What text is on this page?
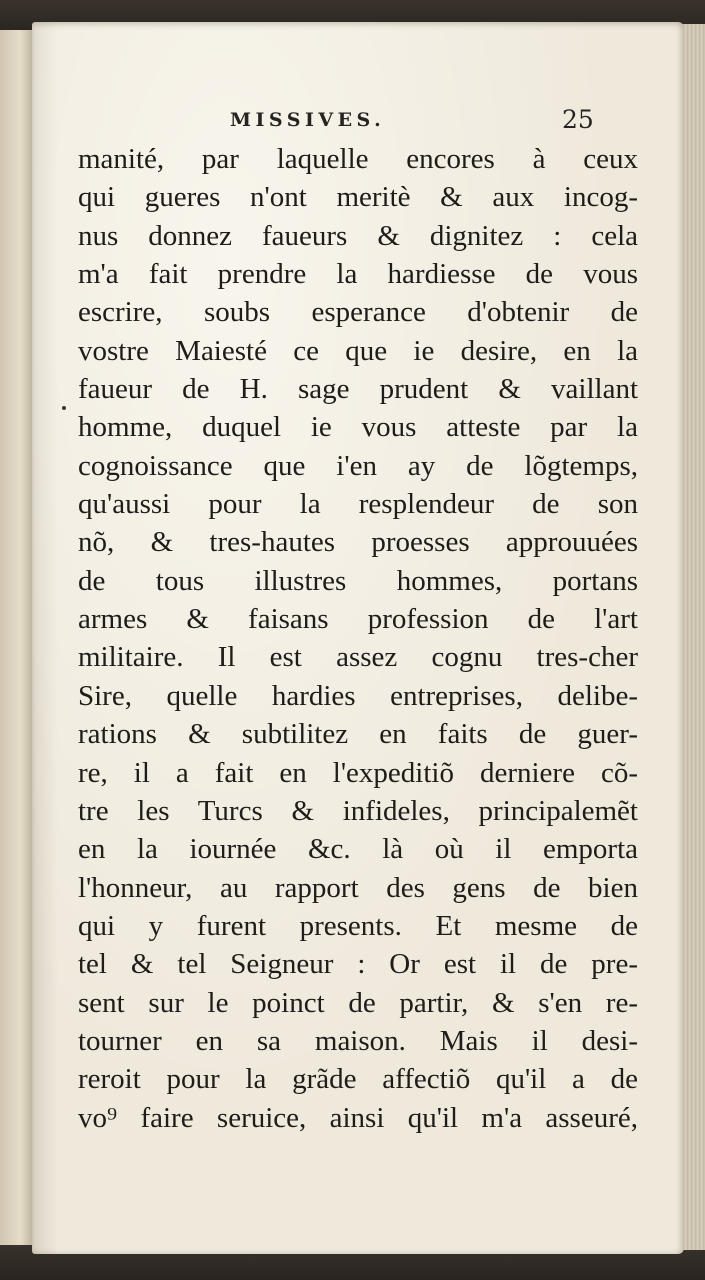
MISSIVES.	25
manité, par laquelle encores à ceux
qui gueres n'ont meritè & aux incog-
nus donnez faueurs & dignitez : cela
m'a fait prendre la hardiesse de vous
escrire, soubs esperance d'obtenir de
vostre Maiesté ce que ie desire, en la
faueur de H. sage prudent & vaillant
homme, duquel ie vous atteste par la
cognoissance que i'en ay de lõgtemps,
qu'aussi pour la resplendeur de son
nõ, & tres-hautes proesses approuuées
de tous illustres hommes, portans
armes & faisans profession de l'art
militaire. Il est assez cognu tres-cher
Sire, quelle hardies entreprises, delibe-
rations & subtilitez en faits de guer-
re, il a fait en l'expeditiõ derniere cõ-
tre les Turcs & infideles, principalemẽt
en la iournée &c. là où il emporta
l'honneur, au rapport des gens de bien
qui y furent presents. Et mesme de
tel & tel Seigneur : Or est il de pre-
sent sur le poinct de partir, & s'en re-
tourner en sa maison. Mais il desi-
reroit pour la grãde affectiõ qu'il a de
vo⁹ faire seruice, ainsi qu'il m'a asseuré,
